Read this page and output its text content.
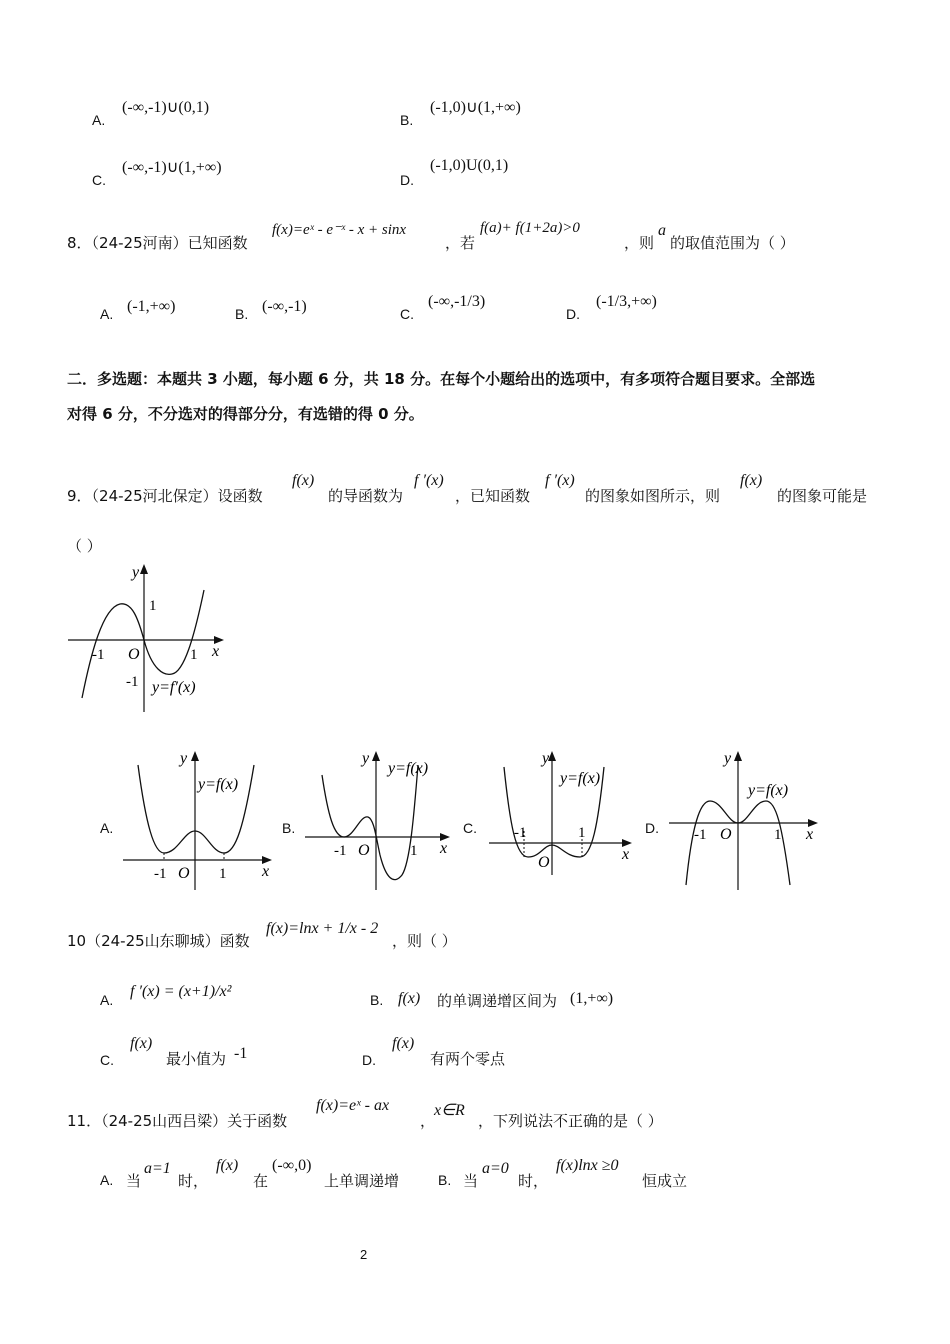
A.
(-∞,-1)∪(0,1)
B.
(-1,0)∪(1,+∞)
C.
(-∞,-1)∪(1,+∞)
D.
(-1,0)U(0,1)
8．（24-25河南）已知函数
f(x)=eˣ - e⁻ˣ - x + sinx
，若
f(a)+ f(1+2a)>0
，则
a
的取值范围为（ ）
A. (-1,+∞)	B. (-∞,-1)	C.
(-∞,-1/3)
D.
(-1/3,+∞)
二．多选题：本题共 3 小题，每小题 6 分，共 18 分。在每个小题给出的选项中，有多项符合题目要求。全部选
对得 6 分，不分选对的得部分分，有选错的得 0 分。
9．（24-25河北保定）设函数
f(x)
的导函数为
f ′(x)
，已知函数
f ′(x)
的图象如图所示，则
f(x)
的图象可能是
（ ）
y
x
1
-1
-1	1
O
y=f′(x)
A.
y
x
y=f(x)
-1 O 1
B.
y
x
y=f(x)
-1 O	1
C.
y
x
y=f(x)
-1
O
1	D.
y
x
y=f(x)
-1 O	1
10（24-25山东聊城）函数
f(x)=lnx + 1/x - 2
，则（ ）
A. f ′(x) = (x+1)/x²	B. f(x) 的单调递增区间为 (1,+∞)
C.
f(x)
最小值为 -1	D.
f(x)
有两个零点
11．（24-25山西吕梁）关于函数
f(x)=eˣ - ax
，
x∈R
，下列说法不正确的是（ ）
A. 当
a=1
时，
f(x)
在
(-∞,0)
上单调递增	B. 当
a=0
时，
f(x)lnx ≥0
恒成立
2
